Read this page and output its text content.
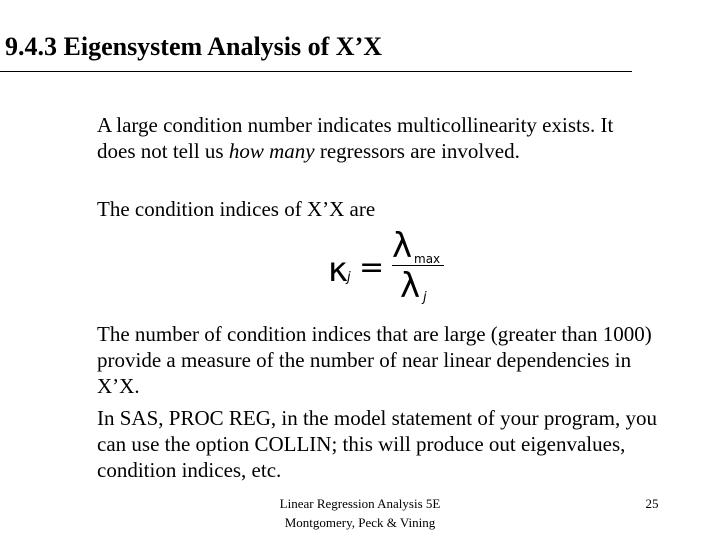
9.4.3 Eigensystem Analysis of X’X
A large condition number indicates multicollinearity exists. It does not tell us how many regressors are involved.
The condition indices of X’X are
κ
j =
λ max
λ j
The number of condition indices that are large (greater than 1000) provide a measure of the number of near linear dependencies in X’X.
In SAS, PROC REG, in the model statement of your program, you can use the option COLLIN; this will produce out eigenvalues, condition indices, etc.
Linear Regression Analysis 5E
Montgomery, Peck & Vining
25
